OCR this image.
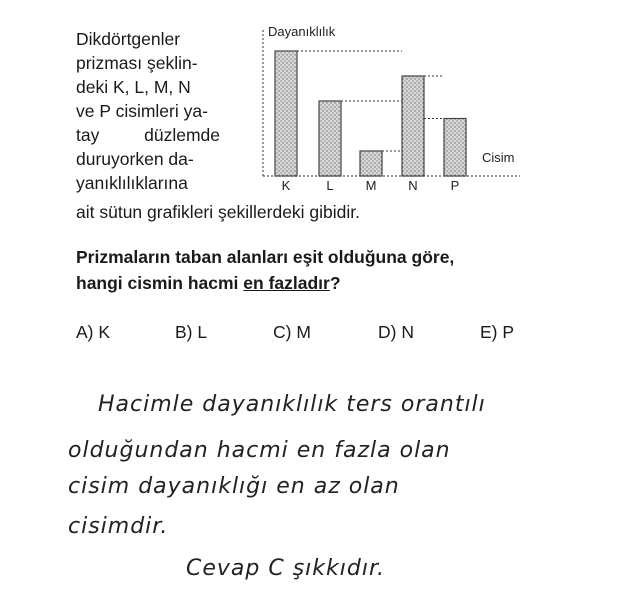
Dikdörtgenler
prizması şeklin-
deki K, L, M, N
ve P cisimleri ya-
tay düzlemde
duruyorken da-
yanıklılıklarına
ait sütun grafikleri şekillerdeki gibidir.
Dayanıklılık
Cisim
K	L M N	P
Prizmaların taban alanları eşit olduğuna göre,
hangi cismin hacmi en fazladır?
A) K	B) L	C) M	D) N	E) P
Hacimle dayanıklılık ters orantılı
olduğundan hacmi en fazla olan
cisim dayanıklığı en az olan
cisimdir.
Cevap C şıkkıdır.
